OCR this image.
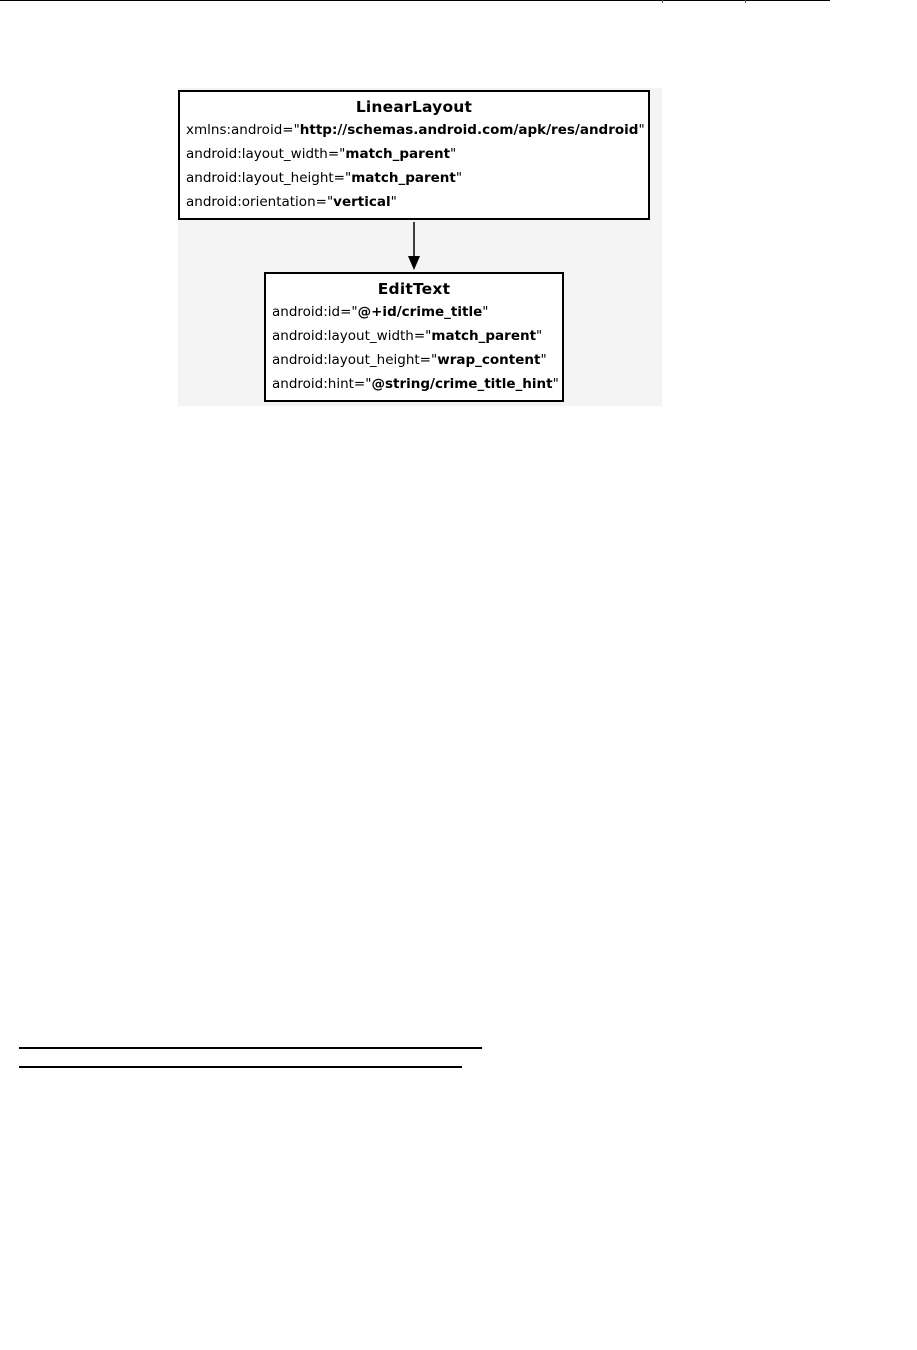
LinearLayout
xmlns:android="http://schemas.android.com/apk/res/android"
android:layout_width="match_parent"
android:layout_height="match_parent"
android:orientation="vertical"
EditText
android:id="@+id/crime_title"
android:layout_width="match_parent"
android:layout_height="wrap_content"
android:hint="@string/crime_title_hint"
